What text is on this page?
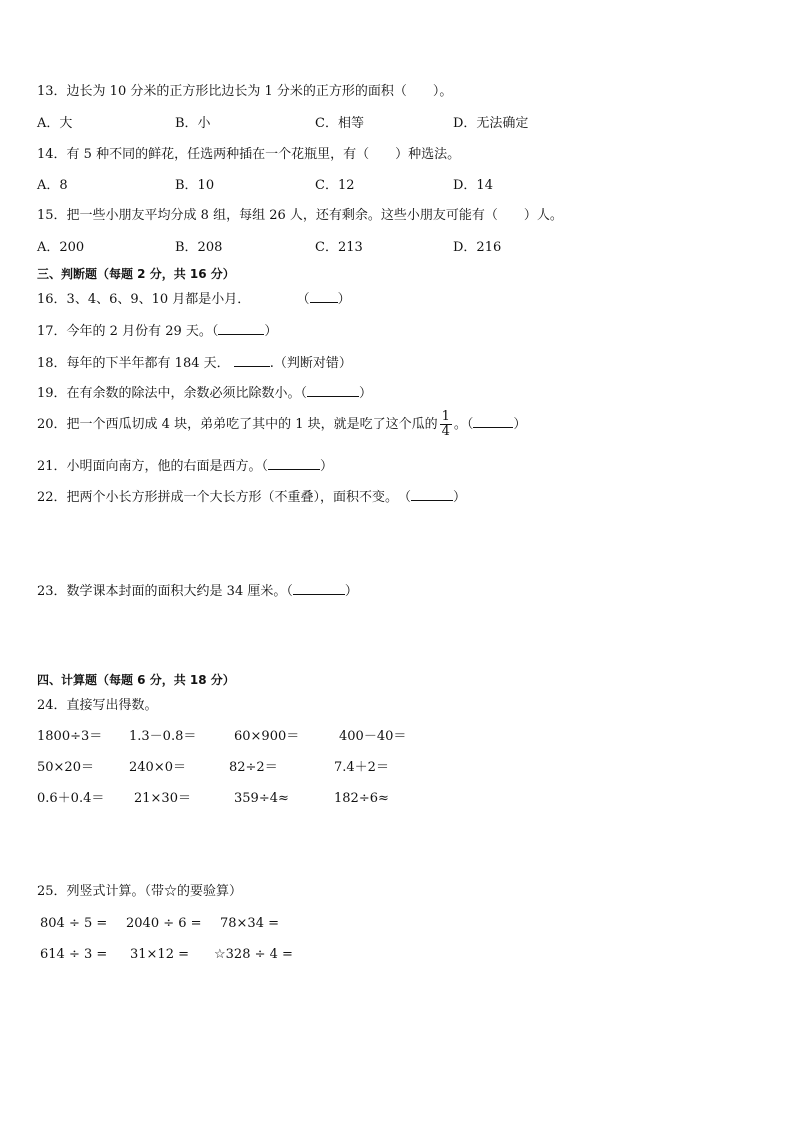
13．边长为 10 分米的正方形比边长为 1 分米的正方形的面积（　　）。
A．大	B．小	C．相等	D．无法确定
14．有 5 种不同的鲜花，任选两种插在一个花瓶里，有（　　）种选法。
A．8	B．10	C．12	D．14
15．把一些小朋友平均分成 8 组，每组 26 人，还有剩余。这些小朋友可能有（　　）人。
A．200	B．208	C．213	D．216
三、判断题（每题 2 分，共 16 分）
16．3、4、6、9、10 月都是小月．	（ ）
17．今年的 2 月份有 29 天。（	）
18．每年的下半年都有 184 天．	.（判断对错）
19．在有余数的除法中，余数必须比除数小。（	）
20．把一个西瓜切成 4 块，弟弟吃了其中的 1 块，就是吃了这个瓜的 $\frac{1}{4}$ 。（	）
21．小明面向南方，他的右面是西方。（	）
22．把两个小长方形拼成一个大长方形（不重叠），面积不变。　（	）
23．数学课本封面的面积大约是 34 厘米。（	）
四、计算题（每题 6 分，共 18 分）
24．直接写出得数。
1800÷3＝ 1.3－0.8＝	60×900＝	400－40＝
50×20＝	240×0＝	82÷2＝	7.4＋2＝
0.6＋0.4＝ 21×30＝	359÷4≈	182÷6≈
25．列竖式计算。（带☆的要验算）
804 ÷ 5 = 2040 ÷ 6 = 78×34 =
614 ÷ 3 = 31×12 = ☆328 ÷ 4 =
